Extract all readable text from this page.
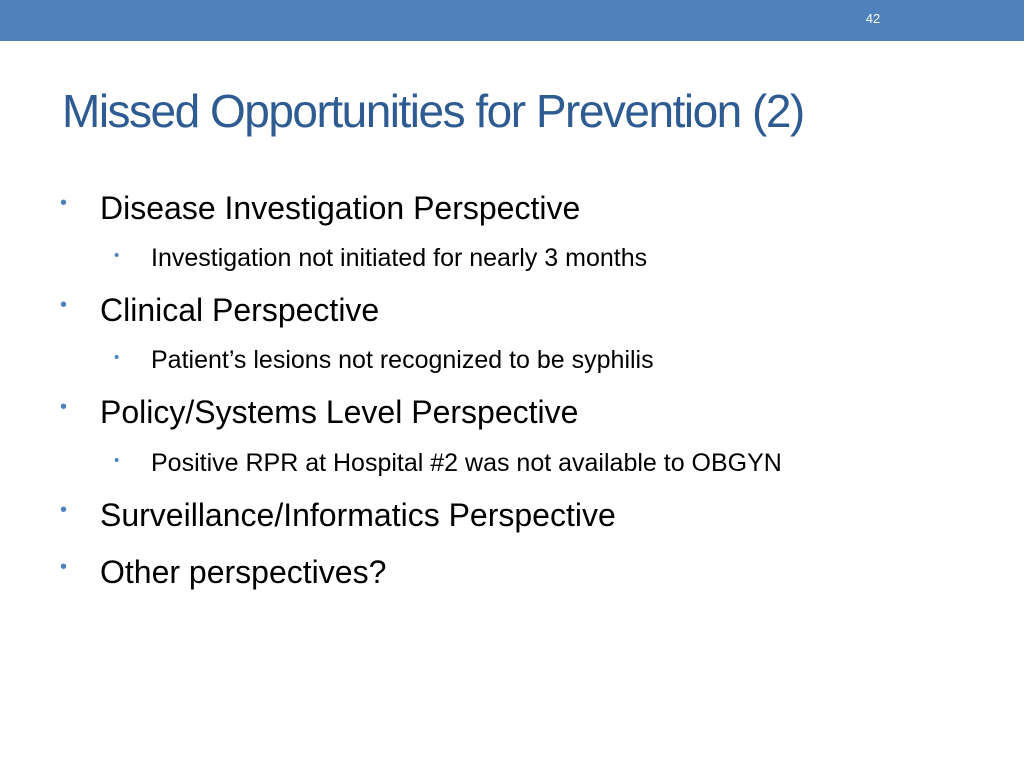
42
Missed Opportunities for Prevention (2)
• Disease Investigation Perspective
• Investigation not initiated for nearly 3 months
• Clinical Perspective
• Patient’s lesions not recognized to be syphilis
• Policy/Systems Level Perspective
• Positive RPR at Hospital #2 was not available to OBGYN
• Surveillance/Informatics Perspective
• Other perspectives?
